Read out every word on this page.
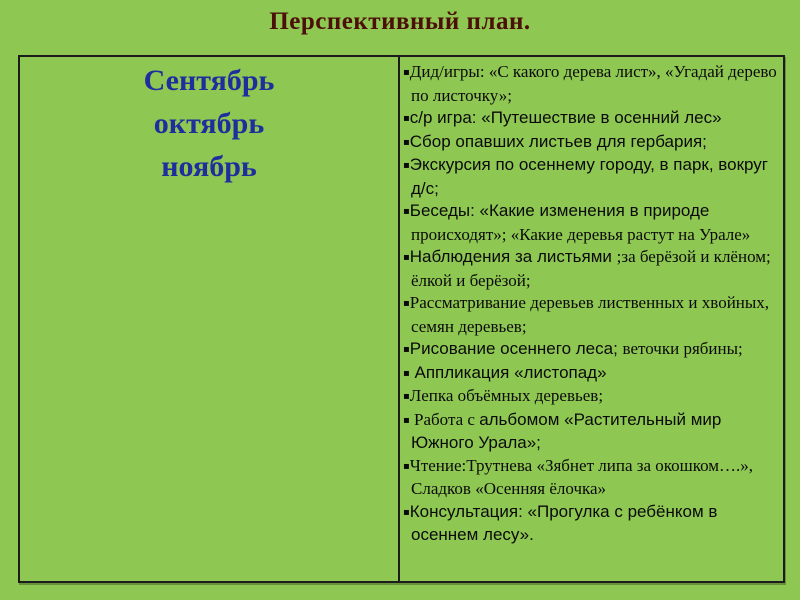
Перспективный план.
Сентябрь
октябрь
ноябрь
▪Дид/игры: «С какого дерева лист», «Угадай дерево по листочку»;
▪с/р игра: «Путешествие в осенний лес»
▪Сбор опавших листьев для гербария;
▪Экскурсия по осеннему городу, в парк, вокруг д/с;
▪Беседы: «Какие изменения в природе происходят»; «Какие деревья растут на Урале»
▪Наблюдения за листьями ;за берёзой и клёном; ёлкой и берёзой;
▪Рассматривание деревьев лиственных и хвойных, семян деревьев;
▪Рисование осеннего леса; веточки рябины;
▪ Аппликация «листопад»
▪Лепка объёмных деревьев;
▪ Работа с альбомом «Растительный мир Южного Урала»;
▪Чтение:Трутнева «Зябнет липа за окошком….», Сладков «Осенняя ёлочка»
▪Консультация: «Прогулка с ребёнком в осеннем лесу».
